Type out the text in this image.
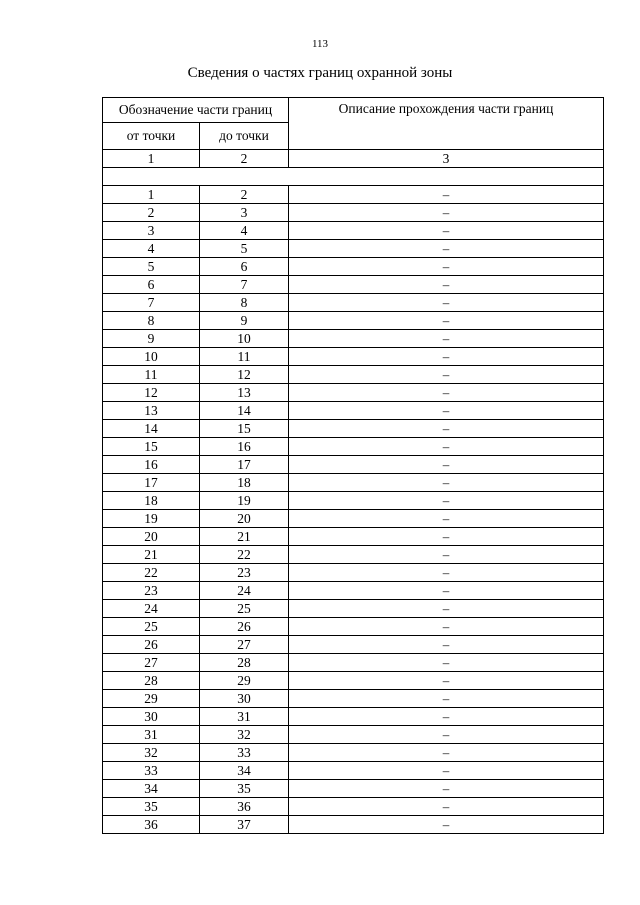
113
Сведения о частях границ охранной зоны
Обозначение части границ		Описание прохождения части границ
от точки	до точки	
1	2	3

1	2	–
2	3	–
3	4	–
4	5	–
5	6	–
6	7	–
7	8	–
8	9	–
9	10	–
10	11	–
11	12	–
12	13	–
13	14	–
14	15	–
15	16	–
16	17	–
17	18	–
18	19	–
19	20	–
20	21	–
21	22	–
22	23	–
23	24	–
24	25	–
25	26	–
26	27	–
27	28	–
28	29	–
29	30	–
30	31	–
31	32	–
32	33	–
33	34	–
34	35	–
35	36	–
36	37	–
